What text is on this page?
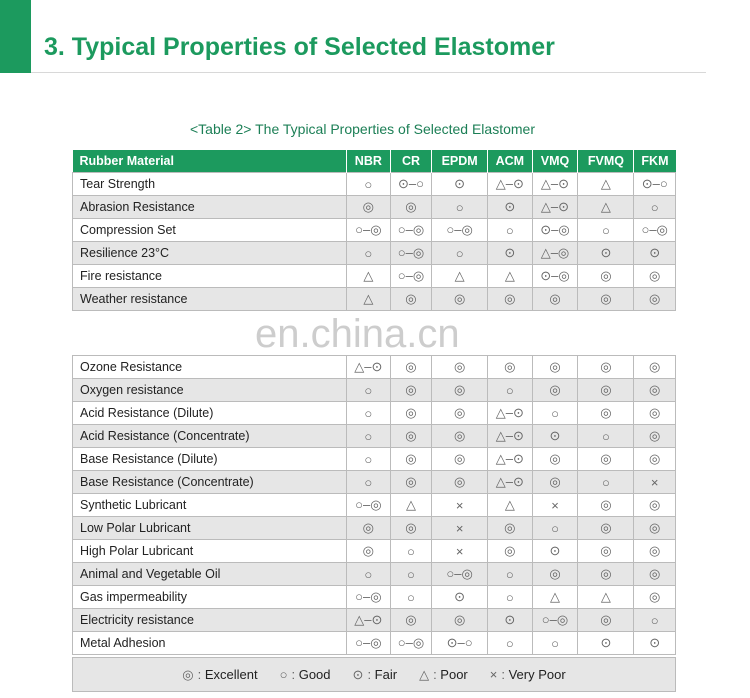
3. Typical Properties of Selected Elastomer
<Table 2> The Typical Properties of Selected Elastomer
Rubber Material	NBR	CR	EPDM	ACM	VMQ	FVMQ	FKM
Tear Strength	○	⊙–○	⊙	△–⊙	△–⊙	△	⊙–○
Abrasion Resistance	◎	◎	○	⊙	△–⊙	△	○
Compression Set	○–◎	○–◎	○–◎	○	⊙–◎	○	○–◎
Resilience 23°C	○	○–◎	○	⊙	△–◎	⊙	⊙
Fire resistance	△	○–◎	△	△	⊙–◎	◎	◎
Weather resistance	△	◎	◎	◎	◎	◎	◎

Ozone Resistance	△–⊙	◎	◎	◎	◎	◎	◎
Oxygen resistance	○	◎	◎	○	◎	◎	◎
Acid Resistance (Dilute)	○	◎	◎	△–⊙	○	◎	◎
Acid Resistance (Concentrate)	○	◎	◎	△–⊙	⊙	○	◎
Base Resistance (Dilute)	○	◎	◎	△–⊙	◎	◎	◎
Base Resistance (Concentrate)	○	◎	◎	△–⊙	◎	○	×
Synthetic Lubricant	○–◎	△	×	△	×	◎	◎
Low Polar Lubricant	◎	◎	×	◎	○	◎	◎
High Polar Lubricant	◎	○	×	◎	⊙	◎	◎
Animal and Vegetable Oil	○	○	○–◎	○	◎	◎	◎
Gas impermeability	○–◎	○	⊙	○	△	△	◎
Electricity resistance	△–⊙	◎	◎	⊙	○–◎	◎	○
Metal Adhesion	○–◎	○–◎	⊙–○	○	○	⊙	⊙
en.china.cn
◎ : Excellent ○ : Good ⊙ : Fair △ : Poor × : Very Poor
